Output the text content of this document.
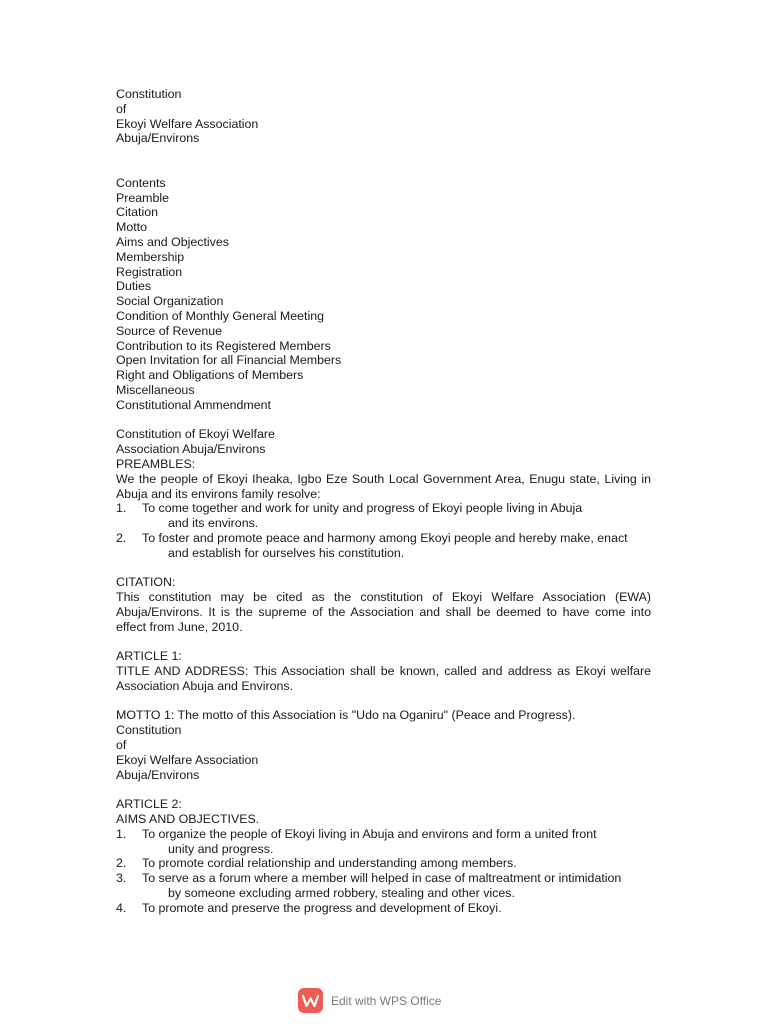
Constitution
of
Ekoyi Welfare Association
Abuja/Environs
Contents
Preamble
Citation
Motto
Aims and Objectives
Membership
Registration
Duties
Social Organization
Condition of Monthly General Meeting
Source of Revenue
Contribution to its Registered Members
Open Invitation for all Financial Members
Right and Obligations of Members
Miscellaneous
Constitutional Ammendment
Constitution of Ekoyi Welfare
Association Abuja/Environs
PREAMBLES:
We the people of Ekoyi Iheaka, Igbo Eze South Local Government Area, Enugu state, Living in Abuja and its environs family resolve:
1.	To come together and work for unity and progress of Ekoyi people living in Abuja
and its environs.
2.	To foster and promote peace and harmony among Ekoyi people and hereby make, enact
and establish for ourselves his constitution.
CITATION:
This constitution may be cited as the constitution of Ekoyi Welfare Association (EWA) Abuja/Environs. It is the supreme of the Association and shall be deemed to have come into effect from June, 2010.
ARTICLE 1:
TITLE AND ADDRESS: This Association shall be known, called and address as Ekoyi welfare Association Abuja and Environs.
MOTTO 1: The motto of this Association is "Udo na Oganiru" (Peace and Progress).
Constitution
of
Ekoyi Welfare Association
Abuja/Environs
ARTICLE 2:
AIMS AND OBJECTIVES.
1.	To organize the people of Ekoyi living in Abuja and environs and form a united front
unity and progress.
2.	To promote cordial relationship and understanding among members.
3.	To serve as a forum where a member will helped in case of maltreatment or intimidation
by someone excluding armed robbery, stealing and other vices.
4.	To promote and preserve the progress and development of Ekoyi.
Edit with WPS Office
